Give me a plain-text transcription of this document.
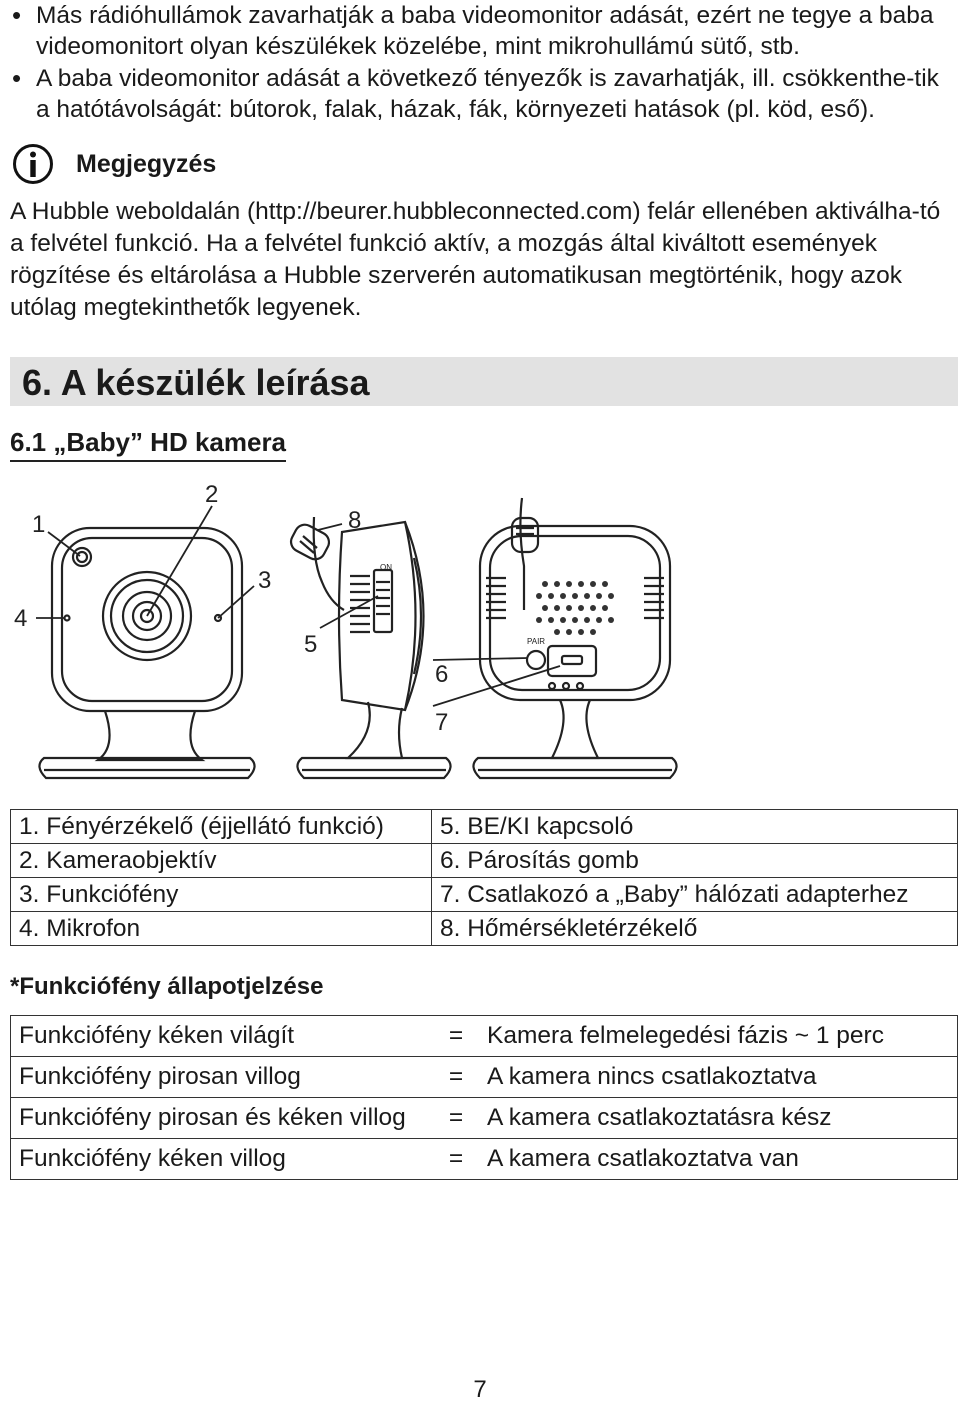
• Más rádióhullámok zavarhatják a baba videomonitor adását, ezért ne tegye a baba videomonitort olyan készülékek közelébe, mint mikrohullámú sütő, stb.
• A baba videomonitor adását a következő tényezők is zavarhatják, ill. csökkenthe-tik a hatótávolságát: bútorok, falak, házak, fák, környezeti hatások (pl. köd, eső).
Megjegyzés

A Hubble weboldalán (http://beurer.hubbleconnected.com) felár ellenében aktiválha-tó a felvétel funkció. Ha a felvétel funkció aktív, a mozgás által kiváltott események rögzítése és eltárolása a Hubble szerverén automatikusan megtörténik, hogy azok utólag megtekinthetők legyenek.

6. A készülék leírása
6.1 „Baby” HD kamera
ON
PAIR
1
2
3
4
5
6
7
8
1. Fényérzékelő (éjjellátó funkció)	5. BE/KI kapcsoló
2. Kameraobjektív	6. Párosítás gomb
3. Funkciófény	7. Csatlakozó a „Baby” hálózati adapterhez
4. Mikrofon	8. Hőmérsékletérzékelő
*Funkciófény állapotjelzése
Funkciófény kéken világít	=	Kamera felmelegedési fázis ~ 1 perc
Funkciófény pirosan villog	=	A kamera nincs csatlakoztatva
Funkciófény pirosan és kéken villog	=	A kamera csatlakoztatásra kész
Funkciófény kéken villog	=	A kamera csatlakoztatva van

7
